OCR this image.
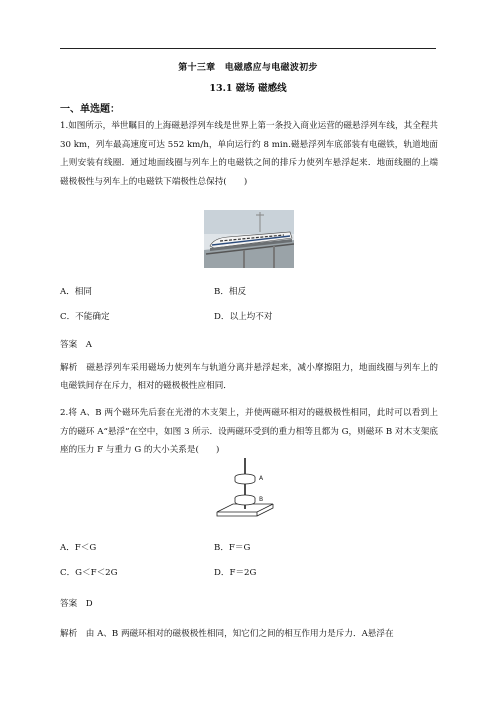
第十三章　电磁感应与电磁波初步
13.1 磁场 磁感线
一、单选题：
1.如图所示，举世瞩目的上海磁悬浮列车线是世界上第一条投入商业运营的磁悬浮列车线，其全程共 30 km，列车最高速度可达 552 km/h，单向运行约 8 min.磁悬浮列车底部装有电磁铁，轨道地面上则安装有线圈．通过地面线圈与列车上的电磁铁之间的排斥力使列车悬浮起来．地面线圈的上端磁极极性与列车上的电磁铁下端极性总保持(　　)
A．相同	B．相反
C．不能确定	D．以上均不对
答案　A
解析　磁悬浮列车采用磁场力使列车与轨道分离并悬浮起来，减小摩擦阻力，地面线圈与列车上的电磁铁间存在斥力，相对的磁极极性应相同．
2.将 A、B 两个磁环先后套在光滑的木支架上，并使两磁环相对的磁极极性相同，此时可以看到上方的磁环 A“悬浮”在空中，如图 3 所示．设两磁环受到的重力相等且都为 G，则磁环 B 对木支架底座的压力 F 与重力 G 的大小关系是(　　)
A
B
A．F＜G	B．F＝G
C．G＜F＜2G	D．F＝2G
答案　D
解析　由 A、B 两磁环相对的磁极极性相同，知它们之间的相互作用力是斥力．A悬浮在
